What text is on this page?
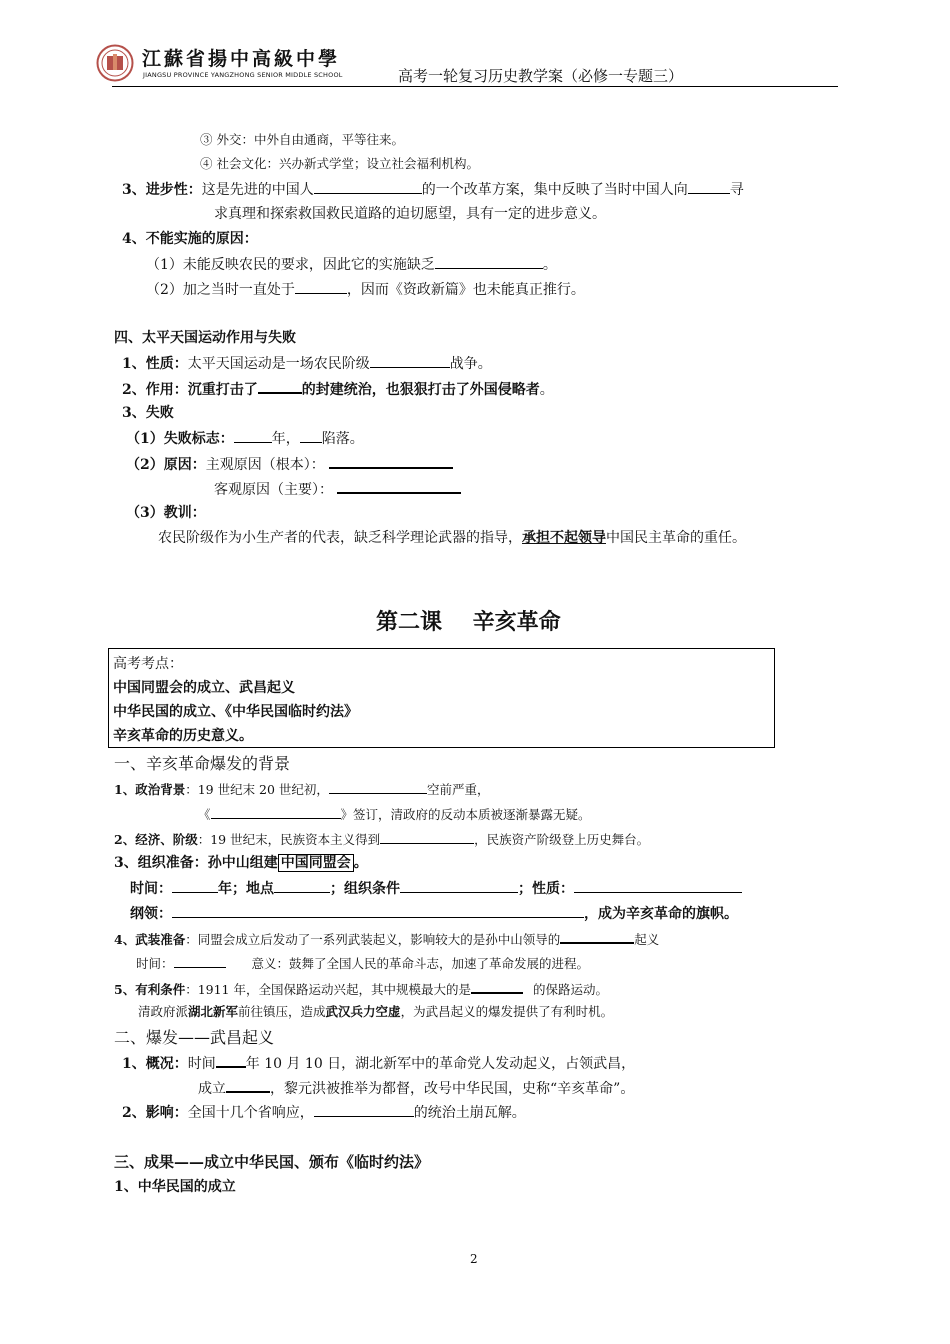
江蘇省揚中高級中學
JIANGSU PROVINCE YANGZHONG SENIOR MIDDLE SCHOOL	高考一轮复习历史教学案（必修一专题三）
③ 外交：中外自由通商，平等往来。
④ 社会文化：兴办新式学堂；设立社会福利机构。
3、进步性：这是先进的中国人	的一个改革方案，集中反映了当时中国人向	寻
求真理和探索救国救民道路的迫切愿望，具有一定的进步意义。
4、不能实施的原因：
（1）未能反映农民的要求，因此它的实施缺乏	。
（2）加之当时一直处于	，因而《资政新篇》也未能真正推行。
四、太平天国运动作用与失败
1、性质：太平天国运动是一场农民阶级	战争。
2、作用：沉重打击了	的封建统治，也狠狠打击了外国侵略者。
3、失败
（1）失败标志：	年， 陷落。
（2）原因：主观原因（根本）：
客观原因（主要）：
（3）教训：
农民阶级作为小生产者的代表，缺乏科学理论武器的指导，承担不起领导中国民主革命的重任。
第二课    辛亥革命
高考考点：
中国同盟会的成立、武昌起义
中华民国的成立、《中华民国临时约法》
辛亥革命的历史意义。
一、辛亥革命爆发的背景
1、政治背景：19 世纪末 20 世纪初，	空前严重，
《	》签订，清政府的反动本质被逐渐暴露无疑。
2、经济、阶级：19 世纪末，民族资本主义得到	，民族资产阶级登上历史舞台。
3、组织准备：孙中山组建 中国同盟会 。
时间：	年；地点	；组织条件	；性质：
纲领：	，成为辛亥革命的旗帜。
4、武装准备：同盟会成立后发动了一系列武装起义，影响较大的是孙中山领导的	起义
时间：	意义：鼓舞了全国人民的革命斗志，加速了革命发展的进程。
5、有利条件：1911 年，全国保路运动兴起，其中规模最大的是	的保路运动。
清政府派湖北新军前往镇压，造成武汉兵力空虚，为武昌起义的爆发提供了有利时机。
二、爆发——武昌起义
1、概况：时间 年 10 月 10 日，湖北新军中的革命党人发动起义，占领武昌，
成立	，黎元洪被推举为都督，改号中华民国，史称“辛亥革命”。
2、影响：全国十几个省响应，	的统治土崩瓦解。
三、成果——成立中华民国、颁布《临时约法》
1、中华民国的成立
2
